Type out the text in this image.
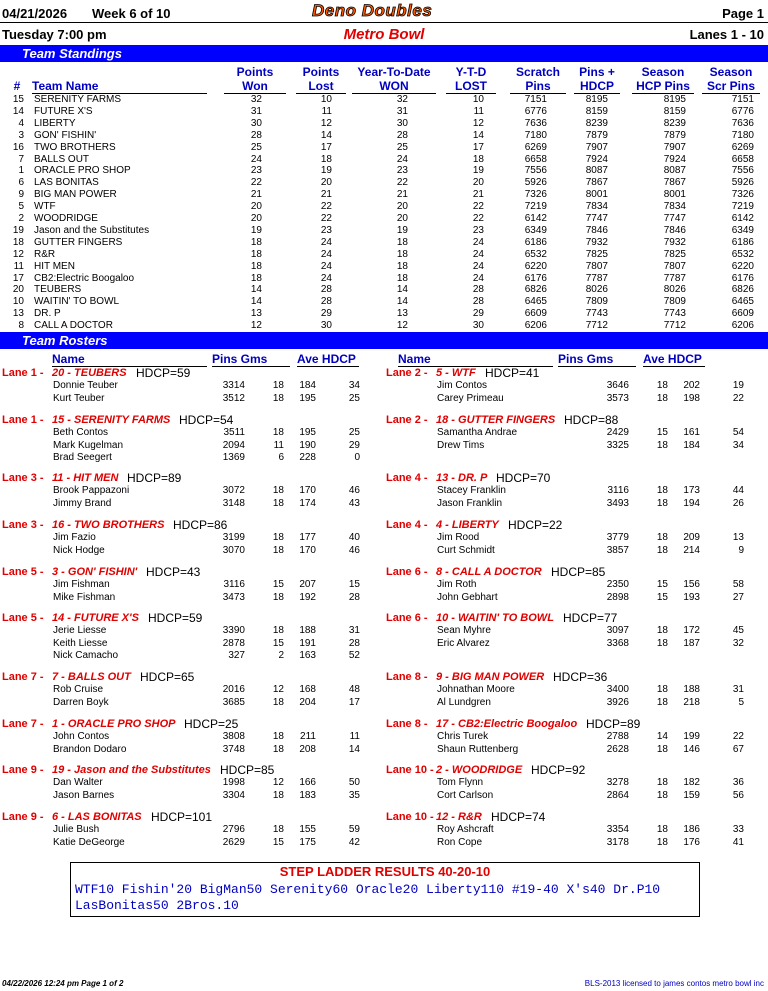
04/21/2026 Week 6 of 10	Deno Doubles	Page 1
Tuesday 7:00 pm	Metro Bowl	Lanes 1 - 10
Team Standings
# Team Name
Points
Won
Points
Lost
Year-To-Date
WON
Y-T-D
LOST
Scratch
Pins
Pins +
HDCP
Season
HCP Pins
Season
Scr Pins
15 SERENITY FARMS	32	10	32	10	7151	8195	8195	7151
14 FUTURE X'S	31	11	31	11	6776	8159	8159	6776
4 LIBERTY	30	12	30	12	7636	8239	8239	7636
3 GON' FISHIN'	28	14	28	14	7180	7879	7879	7180
16 TWO BROTHERS	25	17	25	17	6269	7907	7907	6269
7 BALLS OUT	24	18	24	18	6658	7924	7924	6658
1 ORACLE PRO SHOP	23	19	23	19	7556	8087	8087	7556
6 LAS BONITAS	22	20	22	20	5926	7867	7867	5926
9 BIG MAN POWER	21	21	21	21	7326	8001	8001	7326
5 WTF	20	22	20	22	7219	7834	7834	7219
2 WOODRIDGE	20	22	20	22	6142	7747	7747	6142
19 Jason and the Substitutes	19	23	19	23	6349	7846	7846	6349
18 GUTTER FINGERS	18	24	18	24	6186	7932	7932	6186
12 R&R	18	24	18	24	6532	7825	7825	6532
11 HIT MEN	18	24	18	24	6220	7807	7807	6220
17 CB2:Electric Boogaloo	18	24	18	24	6176	7787	7787	6176
20 TEUBERS	14	28	14	28	6826	8026	8026	6826
10 WAITIN' TO BOWL	14	28	14	28	6465	7809	7809	6465
13 DR. P	13	29	13	29	6609	7743	7743	6609
8 CALL A DOCTOR	12	30	12	30	6206	7712	7712	6206
Team Rosters
Name	Pins Gms	Ave HDCP	Name	Pins Gms	Ave HDCP
Lane 1 - 20 - TEUBERS HDCP=59
Donnie Teuber	3314	18 184	34
Kurt Teuber	3512	18 195	25
Lane 1 - 15 - SERENITY FARMS HDCP=54
Beth Contos	3511	18 195	25
Mark Kugelman	2094	11 190	29
Brad Seegert	1369	6 228	0
Lane 3 - 11 - HIT MEN HDCP=89
Brook Pappazoni	3072	18 170	46
Jimmy Brand	3148	18 174	43
Lane 3 - 16 - TWO BROTHERS HDCP=86
Jim Fazio	3199	18 177	40
Nick Hodge	3070	18 170	46
Lane 5 - 3 - GON' FISHIN' HDCP=43
Jim Fishman	3116	15 207	15
Mike Fishman	3473	18 192	28
Lane 5 - 14 - FUTURE X'S HDCP=59
Jerie Liesse	3390	18 188	31
Keith Liesse	2878	15 191	28
Nick Camacho	327	2 163	52
Lane 7 - 7 - BALLS OUT HDCP=65
Rob Cruise	2016	12 168	48
Darren Boyk	3685	18 204	17
Lane 7 - 1 - ORACLE PRO SHOP HDCP=25
John Contos	3808	18 211	11
Brandon Dodaro	3748	18 208	14
Lane 9 - 19 - Jason and the Substitutes HDCP=85
Dan Walter	1998	12 166	50
Jason Barnes	3304	18 183	35
Lane 9 - 6 - LAS BONITAS HDCP=101
Julie Bush	2796	18 155	59
Katie DeGeorge	2629	15 175	42
Lane 2 - 5 - WTF HDCP=41
Jim Contos	3646	18 202	19
Carey Primeau	3573	18 198	22
Lane 2 - 18 - GUTTER FINGERS HDCP=88
Samantha Andrae	2429	15 161	54
Drew Tims	3325	18 184	34
Lane 4 - 13 - DR. P HDCP=70
Stacey Franklin	3116	18 173	44
Jason Franklin	3493	18 194	26
Lane 4 - 4 - LIBERTY HDCP=22
Jim Rood	3779	18 209	13
Curt Schmidt	3857	18 214	9
Lane 6 - 8 - CALL A DOCTOR HDCP=85
Jim Roth	2350	15 156	58
John Gebhart	2898	15 193	27
Lane 6 - 10 - WAITIN' TO BOWL HDCP=77
Sean Myhre	3097	18 172	45
Eric Alvarez	3368	18 187	32
Lane 8 - 9 - BIG MAN POWER HDCP=36
Johnathan Moore	3400	18 188	31
Al Lundgren	3926	18 218	5
Lane 8 - 17 - CB2:Electric Boogaloo HDCP=89
Chris Turek	2788	14 199	22
Shaun Ruttenberg	2628	18 146	67
Lane 10 - 2 - WOODRIDGE HDCP=92
Tom Flynn	3278	18 182	36
Cort Carlson	2864	18 159	56
Lane 10 - 12 - R&R HDCP=74
Roy Ashcraft	3354	18 186	33
Ron Cope	3178	18 176	41
STEP LADDER RESULTS 40-20-10
WTF10 Fishin'20 BigMan50 Serenity60 Oracle20 Liberty110 #19-40 X's40 Dr.P10 LasBonitas50 2Bros.10
04/22/2026 12:24 pm Page 1 of 2	BLS-2013 licensed to james contos metro bowl inc
